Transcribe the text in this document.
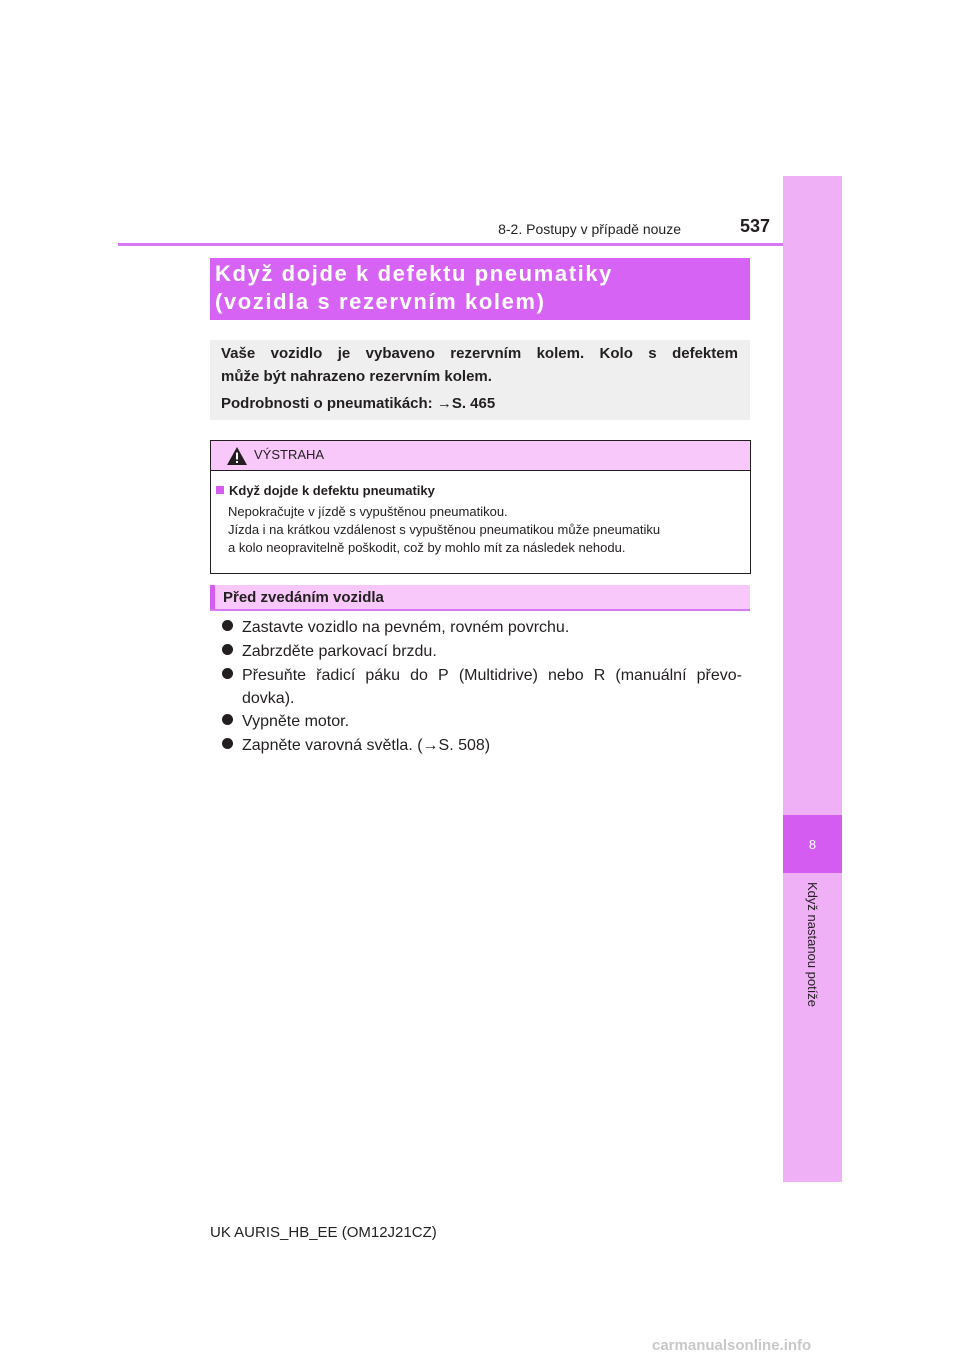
8
Když nastanou potíže
8-2. Postupy v případě nouze	537
Když dojde k defektu pneumatiky
(vozidla s rezervním kolem)
Vaše vozidlo je vybaveno rezervním kolem. Kolo s defektem
může být nahrazeno rezervním kolem.
Podrobnosti o pneumatikách: →S. 465
VÝSTRAHA
Když dojde k defektu pneumatiky
Nepokračujte v jízdě s vypuštěnou pneumatikou.
Jízda i na krátkou vzdálenost s vypuštěnou pneumatikou může pneumatiku
a kolo neopravitelně poškodit, což by mohlo mít za následek nehodu.
Před zvedáním vozidla
Zastavte vozidlo na pevném, rovném povrchu.
Zabrzděte parkovací brzdu.
Přesuňte řadicí páku do P (Multidrive) nebo R (manuální převo-
dovka).
Vypněte motor.
Zapněte varovná světla. (→S. 508)
UK AURIS_HB_EE (OM12J21CZ)
carmanualsonline.info
